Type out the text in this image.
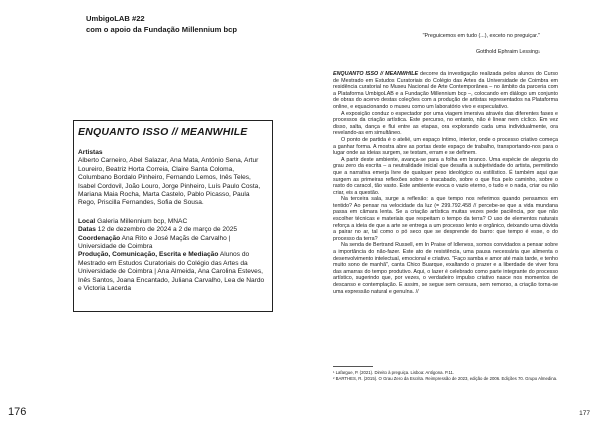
UmbigoLAB #22
com o apoio da Fundação Millennium bcp
ENQUANTO ISSO // MEANWHILE
Artistas
Alberto Carneiro, Abel Salazar, Ana Mata, António Sena, Artur Loureiro, Beatriz Horta Correia, Claire Santa Coloma, Columbano Bordalo Pinheiro, Fernando Lemos, Inês Teles, Isabel Cordovil, João Louro, Jorge Pinheiro, Luís Paulo Costa, Mariana Maia Rocha, Marta Castelo, Pablo Picasso, Paula Rego, Priscilla Fernandes, Sofia de Sousa.
Local Galeria Millennium bcp, MNAC
Datas 12 de dezembro de 2024 a 2 de março de 2025
Coordenação Ana Rito e José Maçãs de Carvalho | Universidade de Coimbra
Produção, Comunicação, Escrita e Mediação Alunos do Mestrado em Estudos Curatoriais do Colégio das Artes da Universidade de Coimbra | Ana Almeida, Ana Carolina Esteves, Inês Santos, Joana Encantado, Juliana Carvalho, Lea de Nardo e Victoria Lacerda
176
"Preguicemos em tudo (...), exceto no preguiçar."
Gotthold Ephraim Lessing$^1$

ENQUANTO ISSO // MEANWHILE decorre da investigação realizada pelos alunos do Curso de Mestrado em Estudos Curatoriais do Colégio das Artes da Universidade de Coimbra em residência curatorial no Museu Nacional de Arte Contemporânea – no âmbito da parceria com a Plataforma UmbigoLAB e a Fundação Millennium bcp –, colocando em diálogo um conjunto de obras do acervo destas coleções com a produção de artistas representados na Plataforma online, e equacionando o museu como um laboratório vivo e especulativo.

A exposição conduz o espectador por uma viagem imersiva através das diferentes fases e processos da criação artística. Este percurso, no entanto, não é linear nem cíclico. Em vez disso, salta, dança e flui entre as etapas, ora explorando cada uma individualmente, ora revelando-as em simultâneo.

O ponto de partida é o atelié, um espaço íntimo, interior, onde o processo criativo começa a ganhar forma. A mostra abre as portas deste espaço de trabalho, transportando-nos para o lugar onde as ideias surgem, se testam, erram e se definem.

A partir deste ambiente, avança-se para a folha em branco. Uma espécie de alegoria do grau zero da escrita – a neutralidade inicial que desafia a subjetividade do artista, permitindo que a narrativa emerja livre de qualquer peso ideológico ou estilístico. É também aqui que surgem as primeiras reflexões sobre o inacabado, sobre o que fica pelo caminho, sobre o rasto do caracol, tão vasto. Este ambiente evoca o vazio eterno, o tudo e o nada, criar ou não criar, eis a questão.

Na terceira sala, surge a reflexão: a que tempo nos referimos quando pensamos em tentido? Ao pensar na velocidade da luz (= 299.792.458 // percebe-se que a vida mundana passa em câmara lenta. Se a criação artística muitas vezes pede paciência, por que não escolher técnicas e materiais que respeitam o tempo da terra? O uso de elementos naturais reforça a ideia de que a arte se entrega a um processo lento e orgânico, deixando uma dúvida a pairar no ar, tal como o pó seco que se desprende do barro: que tempo é esse, o do processo da terra?

Na senda de Bertrand Russell, em In Praise of Idleness, somos convidados a pensar sobre a importância do não-fazer. Este ato de resistência, uma pausa necessária que alimenta o desenvolvimento intelectual, emocional e criativo. "Faço samba e amor até mais tarde, e tenho muito sono de manhã", canta Chico Buarque, exaltando o prazer e a liberdade de viver fora das amarras do tempo produtivo. Aqui, o lazer é celebrado como parte integrante do processo artístico, sugerindo que, por vezes, o verdadeiro impulso criativo nasce nos momentos de descanso e contemplação. E assim, se segue sem censura, sem remorso, a criação torna-se uma expressão natural e genuína. //

¹ Lafargue, P. (2021). Direito à preguiça. Lisboa: Antígona. P.11.
² BARTHES, R. (2015). O Grau Zero da Escrita. Reimpressão de 2023, edição de 2006. Edições 70. Grupo Almedina.
177
